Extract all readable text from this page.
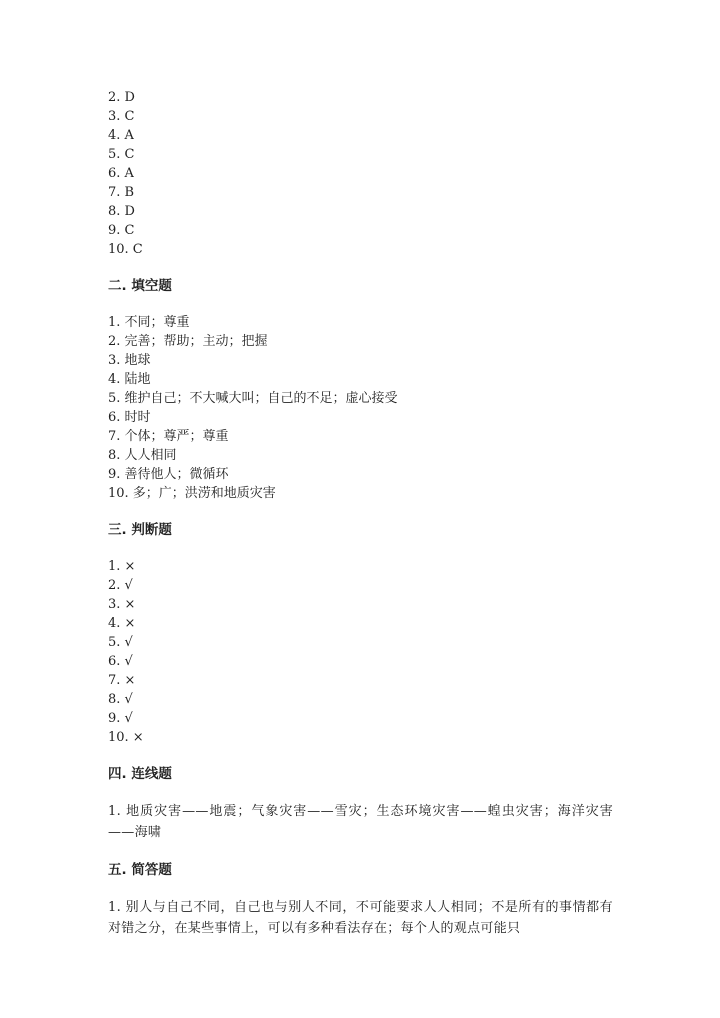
2. D
3. C
4. A
5. C
6. A
7. B
8. D
9. C
10. C
二. 填空题
1. 不同；尊重
2. 完善；帮助；主动；把握
3. 地球
4. 陆地
5. 维护自己；不大喊大叫；自己的不足；虚心接受
6. 时时
7. 个体；尊严；尊重
8. 人人相同
9. 善待他人；微循环
10. 多；广；洪涝和地质灾害
三. 判断题
1. ×
2. √
3. ×
4. ×
5. √
6. √
7. ×
8. √
9. √
10. ×
四. 连线题
1. 地质灾害——地震；气象灾害——雪灾；生态环境灾害——蝗虫灾害；海洋灾害——海啸
五. 简答题
1. 别人与自己不同，自己也与别人不同，不可能要求人人相同；不是所有的事情都有对错之分，在某些事情上，可以有多种看法存在；每个人的观点可能只
